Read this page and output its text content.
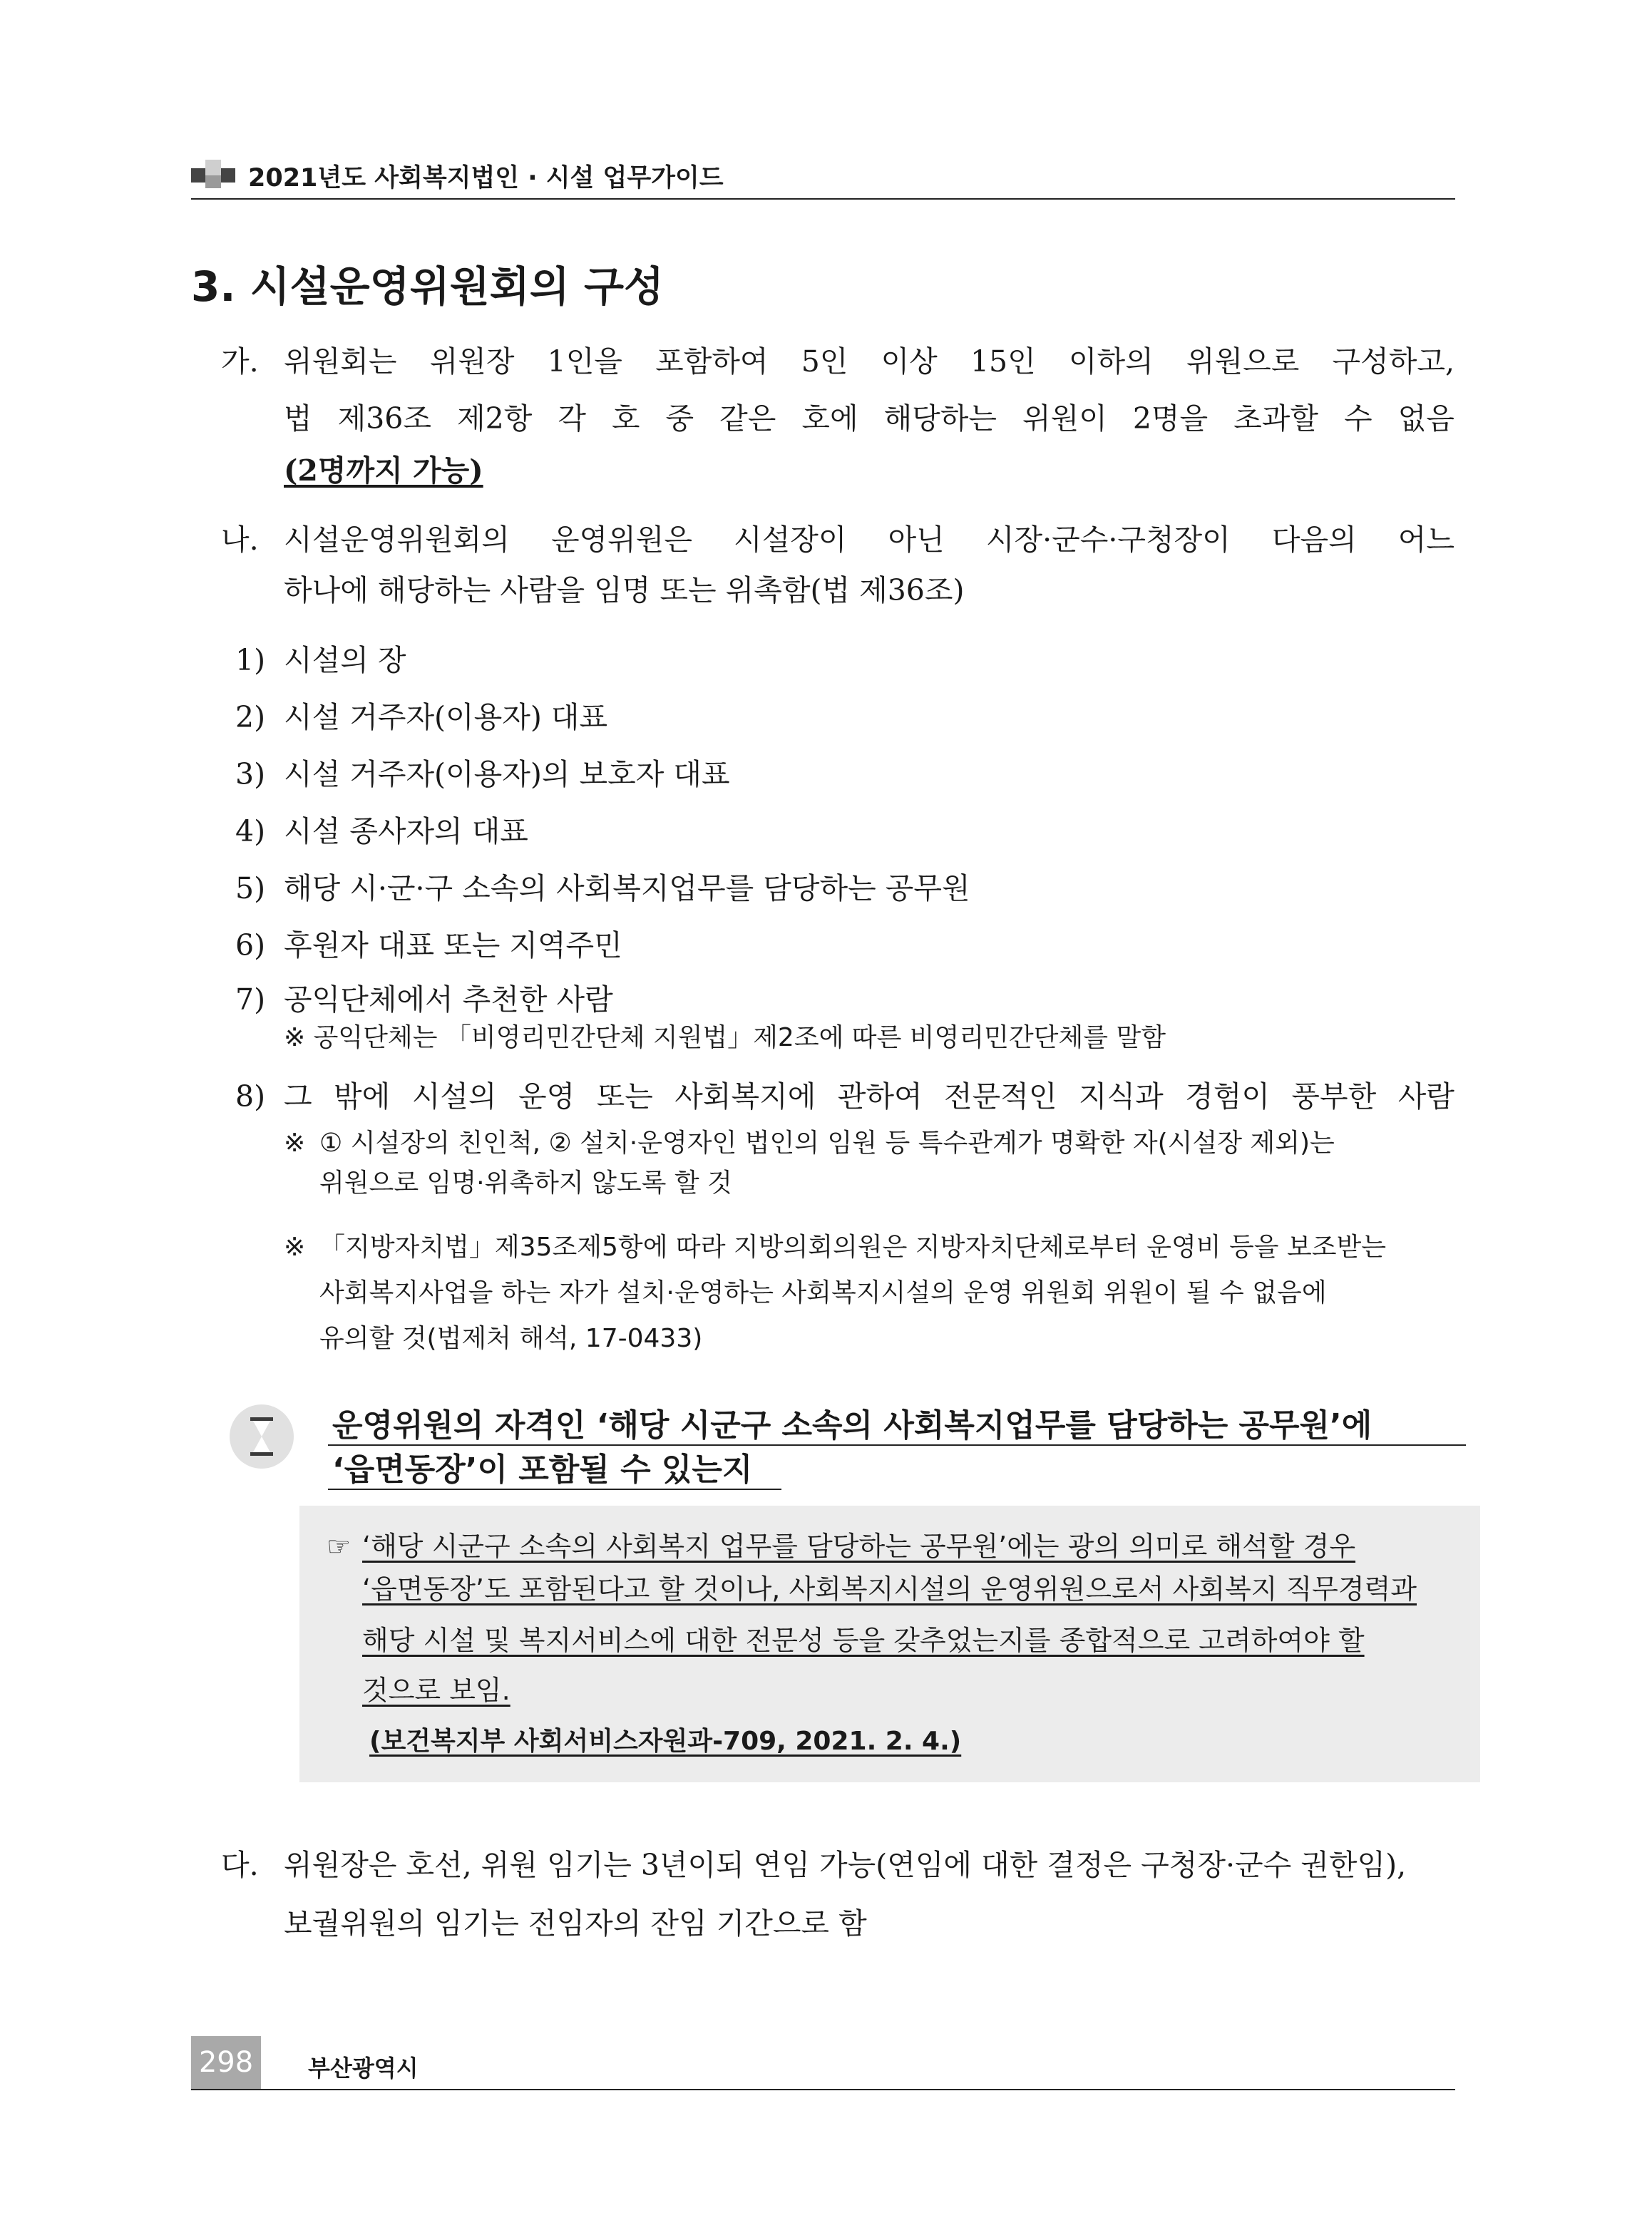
2021년도 사회복지법인 · 시설 업무가이드
3. 시설운영위원회의 구성
가. 위원회는 위원장 1인을 포함하여 5인 이상 15인 이하의 위원으로 구성하고,
법 제36조 제2항 각 호 중 같은 호에 해당하는 위원이 2명을 초과할 수 없음
(2명까지 가능)
나. 시설운영위원회의 운영위원은 시설장이 아닌 시장·군수·구청장이 다음의 어느
하나에 해당하는 사람을 임명 또는 위촉함(법 제36조)
1) 시설의 장
2) 시설 거주자(이용자) 대표
3) 시설 거주자(이용자)의 보호자 대표
4) 시설 종사자의 대표
5) 해당 시·군·구 소속의 사회복지업무를 담당하는 공무원
6) 후원자 대표 또는 지역주민
7) 공익단체에서 추천한 사람
※ 공익단체는 「비영리민간단체 지원법」제2조에 따른 비영리민간단체를 말함
8) 그 밖에 시설의 운영 또는 사회복지에 관하여 전문적인 지식과 경험이 풍부한 사람
※ ① 시설장의 친인척, ② 설치·운영자인 법인의 임원 등 특수관계가 명확한 자(시설장 제외)는
위원으로 임명·위촉하지 않도록 할 것
※ 「지방자치법」제35조제5항에 따라 지방의회의원은 지방자치단체로부터 운영비 등을 보조받는
사회복지사업을 하는 자가 설치·운영하는 사회복지시설의 운영 위원회 위원이 될 수 없음에
유의할 것(법제처 해석, 17-0433)
운영위원의 자격인 ‘해당 시군구 소속의 사회복지업무를 담당하는 공무원’에
‘읍면동장’이 포함될 수 있는지
☞ ‘해당 시군구 소속의 사회복지 업무를 담당하는 공무원’에는 광의 의미로 해석할 경우
‘읍면동장’도 포함된다고 할 것이나, 사회복지시설의 운영위원으로서 사회복지 직무경력과
해당 시설 및 복지서비스에 대한 전문성 등을 갖추었는지를 종합적으로 고려하여야 할
것으로 보임.
(보건복지부 사회서비스자원과-709, 2021. 2. 4.)
다. 위원장은 호선, 위원 임기는 3년이되 연임 가능(연임에 대한 결정은 구청장·군수 권한임),
보궐위원의 임기는 전임자의 잔임 기간으로 함
298	부산광역시
